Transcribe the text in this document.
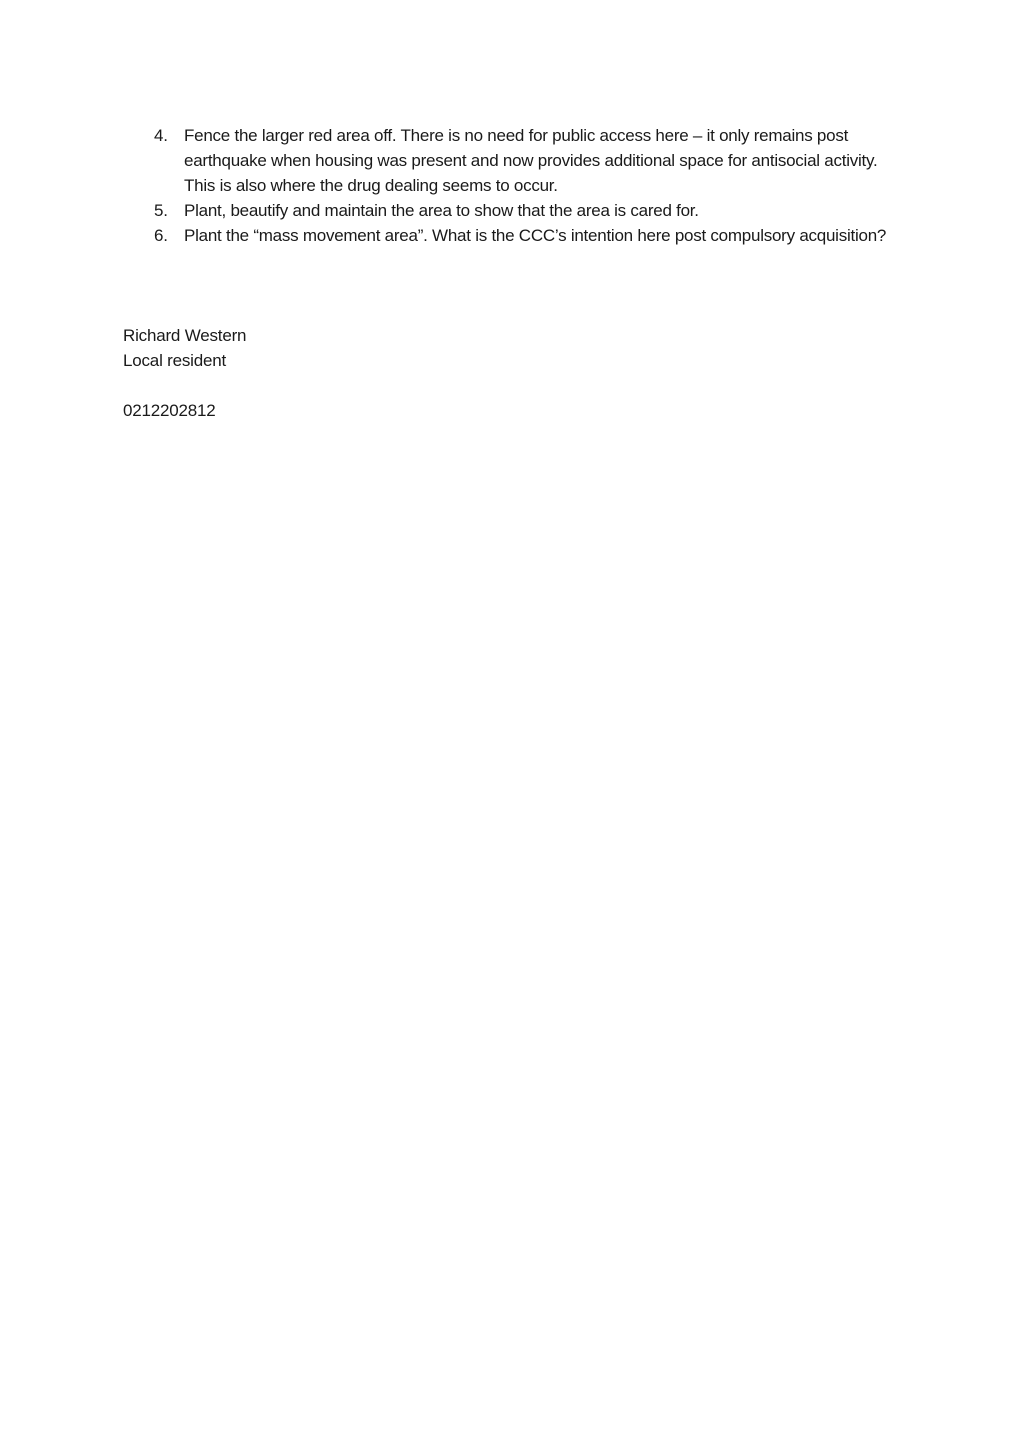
4. Fence the larger red area off. There is no need for public access here – it only remains post earthquake when housing was present and now provides additional space for antisocial activity. This is also where the drug dealing seems to occur.
5. Plant, beautify and maintain the area to show that the area is cared for.
6. Plant the “mass movement area”. What is the CCC’s intention here post compulsory acquisition?
Richard Western
Local resident
0212202812
